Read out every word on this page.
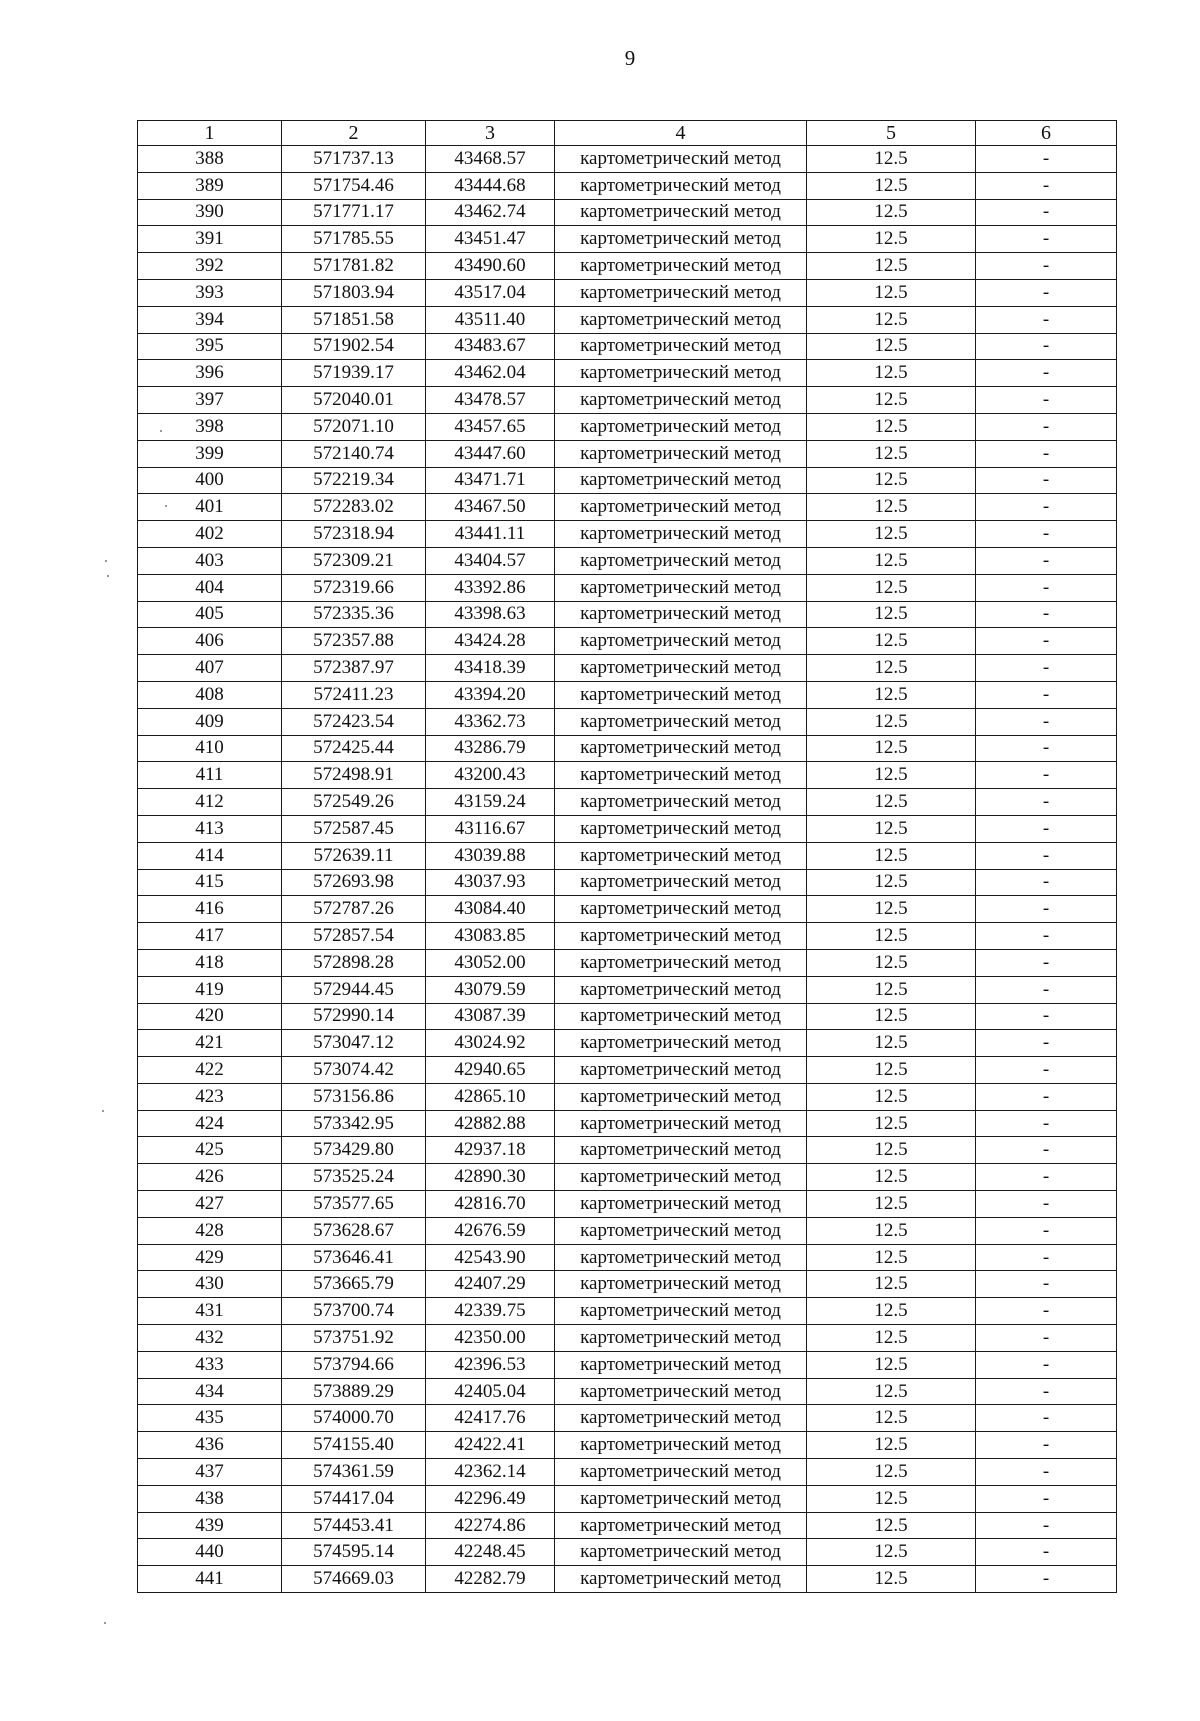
9
1	2	3	4	5	6
388	571737.13	43468.57	картометрический метод	12.5	-
389	571754.46	43444.68	картометрический метод	12.5	-
390	571771.17	43462.74	картометрический метод	12.5	-
391	571785.55	43451.47	картометрический метод	12.5	-
392	571781.82	43490.60	картометрический метод	12.5	-
393	571803.94	43517.04	картометрический метод	12.5	-
394	571851.58	43511.40	картометрический метод	12.5	-
395	571902.54	43483.67	картометрический метод	12.5	-
396	571939.17	43462.04	картометрический метод	12.5	-
397	572040.01	43478.57	картометрический метод	12.5	-
398	572071.10	43457.65	картометрический метод	12.5	-
399	572140.74	43447.60	картометрический метод	12.5	-
400	572219.34	43471.71	картометрический метод	12.5	-
401	572283.02	43467.50	картометрический метод	12.5	-
402	572318.94	43441.11	картометрический метод	12.5	-
403	572309.21	43404.57	картометрический метод	12.5	-
404	572319.66	43392.86	картометрический метод	12.5	-
405	572335.36	43398.63	картометрический метод	12.5	-
406	572357.88	43424.28	картометрический метод	12.5	-
407	572387.97	43418.39	картометрический метод	12.5	-
408	572411.23	43394.20	картометрический метод	12.5	-
409	572423.54	43362.73	картометрический метод	12.5	-
410	572425.44	43286.79	картометрический метод	12.5	-
411	572498.91	43200.43	картометрический метод	12.5	-
412	572549.26	43159.24	картометрический метод	12.5	-
413	572587.45	43116.67	картометрический метод	12.5	-
414	572639.11	43039.88	картометрический метод	12.5	-
415	572693.98	43037.93	картометрический метод	12.5	-
416	572787.26	43084.40	картометрический метод	12.5	-
417	572857.54	43083.85	картометрический метод	12.5	-
418	572898.28	43052.00	картометрический метод	12.5	-
419	572944.45	43079.59	картометрический метод	12.5	-
420	572990.14	43087.39	картометрический метод	12.5	-
421	573047.12	43024.92	картометрический метод	12.5	-
422	573074.42	42940.65	картометрический метод	12.5	-
423	573156.86	42865.10	картометрический метод	12.5	-
424	573342.95	42882.88	картометрический метод	12.5	-
425	573429.80	42937.18	картометрический метод	12.5	-
426	573525.24	42890.30	картометрический метод	12.5	-
427	573577.65	42816.70	картометрический метод	12.5	-
428	573628.67	42676.59	картометрический метод	12.5	-
429	573646.41	42543.90	картометрический метод	12.5	-
430	573665.79	42407.29	картометрический метод	12.5	-
431	573700.74	42339.75	картометрический метод	12.5	-
432	573751.92	42350.00	картометрический метод	12.5	-
433	573794.66	42396.53	картометрический метод	12.5	-
434	573889.29	42405.04	картометрический метод	12.5	-
435	574000.70	42417.76	картометрический метод	12.5	-
436	574155.40	42422.41	картометрический метод	12.5	-
437	574361.59	42362.14	картометрический метод	12.5	-
438	574417.04	42296.49	картометрический метод	12.5	-
439	574453.41	42274.86	картометрический метод	12.5	-
440	574595.14	42248.45	картометрический метод	12.5	-
441	574669.03	42282.79	картометрический метод	12.5	-
